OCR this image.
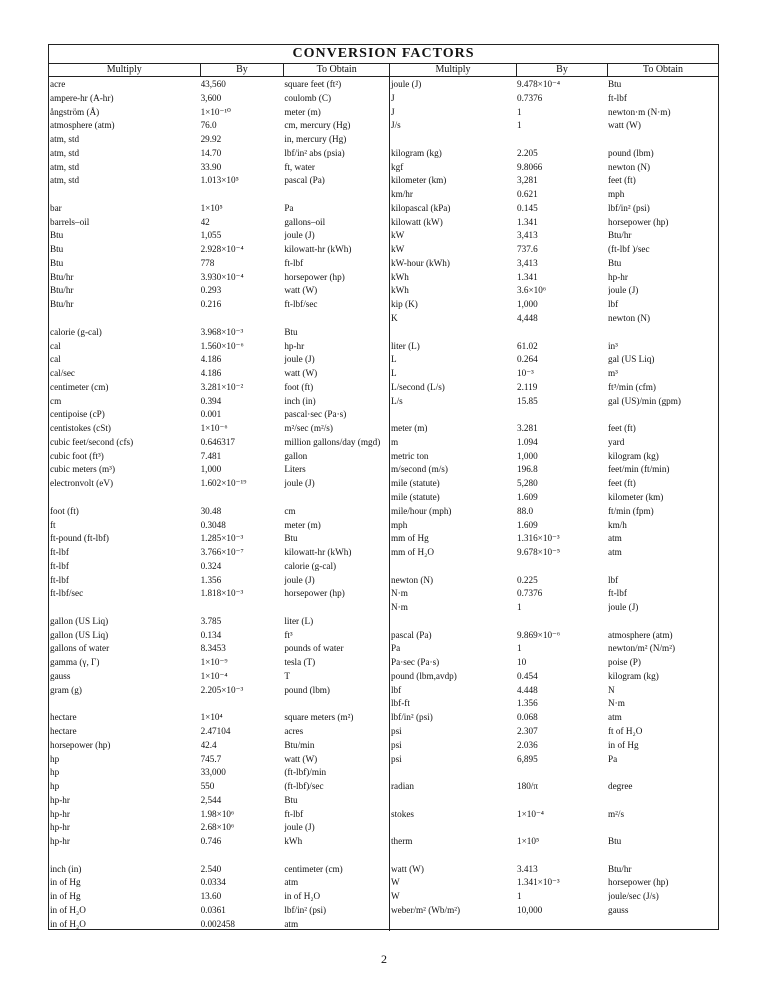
CONVERSION FACTORS
Multiply	By	To Obtain	Multiply	By	To Obtain
acre	43,560	square feet (ft²)
ampere-hr (A-hr)	3,600	coulomb (C)
ångström (Å)	1×10⁻¹⁰	meter (m)
atmosphere (atm)	76.0	cm, mercury (Hg)
atm, std	29.92	in, mercury (Hg)
atm, std	14.70	lbf/in² abs (psia)
atm, std	33.90	ft, water
atm, std	1.013×10⁵	pascal (Pa)
bar	1×10⁵	Pa
barrels–oil	42	gallons–oil
Btu	1,055	joule (J)
Btu	2.928×10⁻⁴	kilowatt-hr (kWh)
Btu	778	ft-lbf
Btu/hr	3.930×10⁻⁴	horsepower (hp)
Btu/hr	0.293	watt (W)
Btu/hr	0.216	ft-lbf/sec
calorie (g-cal)	3.968×10⁻³	Btu
cal	1.560×10⁻⁶	hp-hr
cal	4.186	joule (J)
cal/sec	4.186	watt (W)
centimeter (cm)	3.281×10⁻²	foot (ft)
cm	0.394	inch (in)
centipoise (cP)	0.001	pascal·sec (Pa·s)
centistokes (cSt)	1×10⁻⁶	m²/sec (m²/s)
cubic feet/second (cfs)	0.646317	million gallons/day (mgd)
cubic foot (ft³)	7.481	gallon
cubic meters (m³)	1,000	Liters
electronvolt (eV)	1.602×10⁻¹⁹	joule (J)
foot (ft)	30.48	cm
ft	0.3048	meter (m)
ft-pound (ft-lbf)	1.285×10⁻³	Btu
ft-lbf	3.766×10⁻⁷	kilowatt-hr (kWh)
ft-lbf	0.324	calorie (g-cal)
ft-lbf	1.356	joule (J)
ft-lbf/sec	1.818×10⁻³	horsepower (hp)
gallon (US Liq)	3.785	liter (L)
gallon (US Liq)	0.134	ft³
gallons of water	8.3453	pounds of water
gamma (γ, Γ)	1×10⁻⁹	tesla (T)
gauss	1×10⁻⁴	T
gram (g)	2.205×10⁻³	pound (lbm)
hectare	1×10⁴	square meters (m²)
hectare	2.47104	acres
horsepower (hp)	42.4	Btu/min
hp	745.7	watt (W)
hp	33,000	(ft-lbf)/min
hp	550	(ft-lbf)/sec
hp-hr	2,544	Btu
hp-hr	1.98×10⁶	ft-lbf
hp-hr	2.68×10⁶	joule (J)
hp-hr	0.746	kWh
inch (in)	2.540	centimeter (cm)
in of Hg	0.0334	atm
in of Hg	13.60	in of H₂O
in of H₂O	0.0361	lbf/in² (psi)
in of H₂O	0.002458	atm
joule (J)	9.478×10⁻⁴	Btu
J	0.7376	ft-lbf
J	1	newton·m (N·m)
J/s	1	watt (W)
kilogram (kg)	2.205	pound (lbm)
kgf	9.8066	newton (N)
kilometer (km)	3,281	feet (ft)
km/hr	0.621	mph
kilopascal (kPa)	0.145	lbf/in² (psi)
kilowatt (kW)	1.341	horsepower (hp)
kW	3,413	Btu/hr
kW	737.6	(ft-lbf )/sec
kW-hour (kWh)	3,413	Btu
kWh	1.341	hp-hr
kWh	3.6×10⁶	joule (J)
kip (K)	1,000	lbf
K	4,448	newton (N)
liter (L)	61.02	in³
L	0.264	gal (US Liq)
L	10⁻³	m³
L/second (L/s)	2.119	ft³/min (cfm)
L/s	15.85	gal (US)/min (gpm)
meter (m)	3.281	feet (ft)
m	1.094	yard
metric ton	1,000	kilogram (kg)
m/second (m/s)	196.8	feet/min (ft/min)
mile (statute)	5,280	feet (ft)
mile (statute)	1.609	kilometer (km)
mile/hour (mph)	88.0	ft/min (fpm)
mph	1.609	km/h
mm of Hg	1.316×10⁻³	atm
mm of H₂O	9.678×10⁻⁵	atm
newton (N)	0.225	lbf
N·m	0.7376	ft-lbf
N·m	1	joule (J)
pascal (Pa)	9.869×10⁻⁶	atmosphere (atm)
Pa	1	newton/m² (N/m²)
Pa·sec (Pa·s)	10	poise (P)
pound (lbm,avdp)	0.454	kilogram (kg)
lbf	4.448	N
lbf-ft	1.356	N·m
lbf/in² (psi)	0.068	atm
psi	2.307	ft of H₂O
psi	2.036	in of Hg
psi	6,895	Pa
radian	180/π	degree
stokes	1×10⁻⁴	m²/s
therm	1×10⁵	Btu
watt (W)	3.413	Btu/hr
W	1.341×10⁻³	horsepower (hp)
W	1	joule/sec (J/s)
weber/m² (Wb/m²)	10,000	gauss
2
